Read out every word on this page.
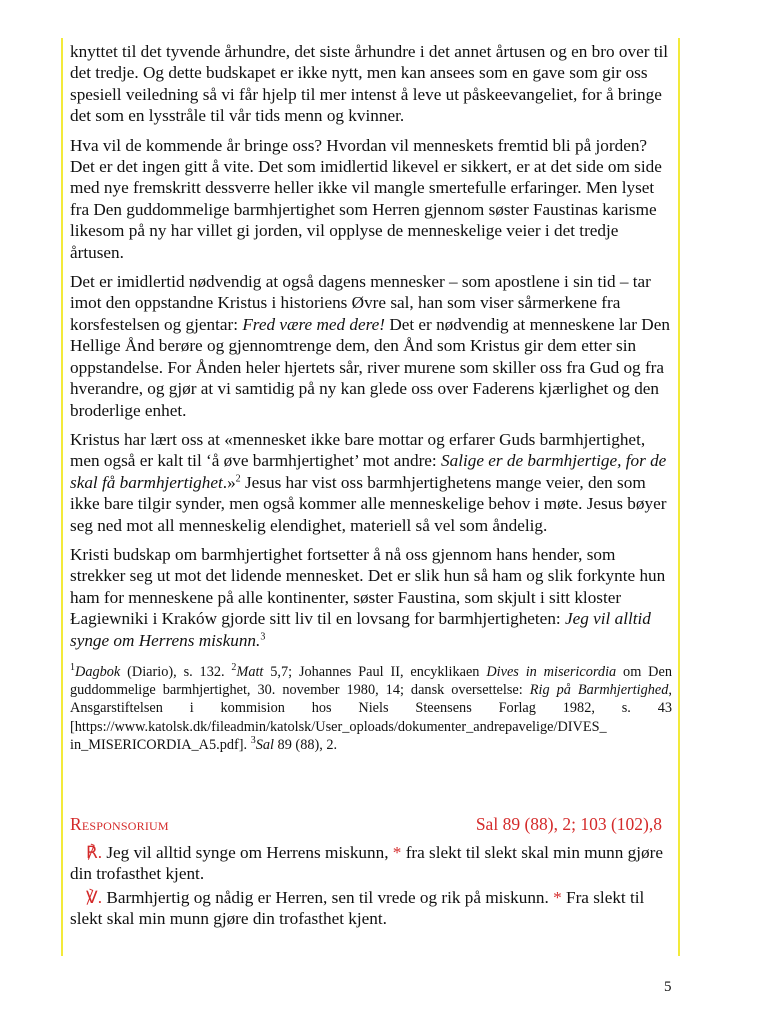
knyttet til det tyvende århundre, det siste århundre i det annet årtusen og en bro over til det tredje. Og dette budskapet er ikke nytt, men kan ansees som en gave som gir oss spesiell veiledning så vi får hjelp til mer intenst å leve ut påskeevangeliet, for å bringe det som en lysstråle til vår tids menn og kvinner.

Hva vil de kommende år bringe oss? Hvordan vil menneskets fremtid bli på jorden? Det er det ingen gitt å vite. Det som imidlertid likevel er sikkert, er at det side om side med nye fremskritt dessverre heller ikke vil mangle smertefulle erfaringer. Men lyset fra Den guddommelige barmhjertighet som Herren gjennom søster Faustinas karisme likesom på ny har villet gi jorden, vil opplyse de menneskelige veier i det tredje årtusen.

Det er imidlertid nødvendig at også dagens mennesker – som apostlene i sin tid – tar imot den oppstandne Kristus i historiens Øvre sal, han som viser sårmerkene fra korsfestelsen og gjentar: Fred være med dere! Det er nødvendig at menneskene lar Den Hellige Ånd berøre og gjennomtrenge dem, den Ånd som Kristus gir dem etter sin oppstandelse. For Ånden heler hjertets sår, river murene som skiller oss fra Gud og fra hverandre, og gjør at vi samtidig på ny kan glede oss over Faderens kjærlighet og den broderlige enhet.

Kristus har lært oss at «mennesket ikke bare mottar og erfarer Guds barmhjertighet, men også er kalt til ‘å øve barmhjertighet’ mot andre: Salige er de barmhjertige, for de skal få barmhjertighet.»$^2$ Jesus har vist oss barmhjertighetens mange veier, den som ikke bare tilgir synder, men også kommer alle menneskelige behov i møte. Jesus bøyer seg ned mot all menneskelig elendighet, materiell så vel som åndelig.

Kristi budskap om barmhjertighet fortsetter å nå oss gjennom hans hender, som strekker seg ut mot det lidende mennesket. Det er slik hun så ham og slik forkynte hun ham for menneskene på alle kontinenter, søster Faustina, som skjult i sitt kloster Łagiewniki i Kraków gjorde sitt liv til en lovsang for barmhjertigheten: Jeg vil alltid synge om Herrens miskunn.$^3$

$^1$Dagbok (Diario), s. 132. $^2$Matt 5,7; Johannes Paul II, encyklikaen Dives in misericordia om Den guddommelige barmhjertighet, 30. november 1980, 14; dansk oversettelse: Rig på Barmhjertighed, Ansgarstiftelsen i kommision hos Niels Steensens Forlag 1982, s. 43 [https://www.katolsk.dk/fileadmin/katolsk/User_oploads/dokumenter_andrepavelige/DIVES_ in_MISERICORDIA_A5.pdf]. $^3$Sal 89 (88), 2.
Responsorium	Sal 89 (88), 2; 103 (102),8

℟. Jeg vil alltid synge om Herrens miskunn, * fra slekt til slekt skal min munn gjøre din trofasthet kjent.

℣. Barmhjertig og nådig er Herren, sen til vrede og rik på miskunn. * Fra slekt til slekt skal min munn gjøre din trofasthet kjent.

5
